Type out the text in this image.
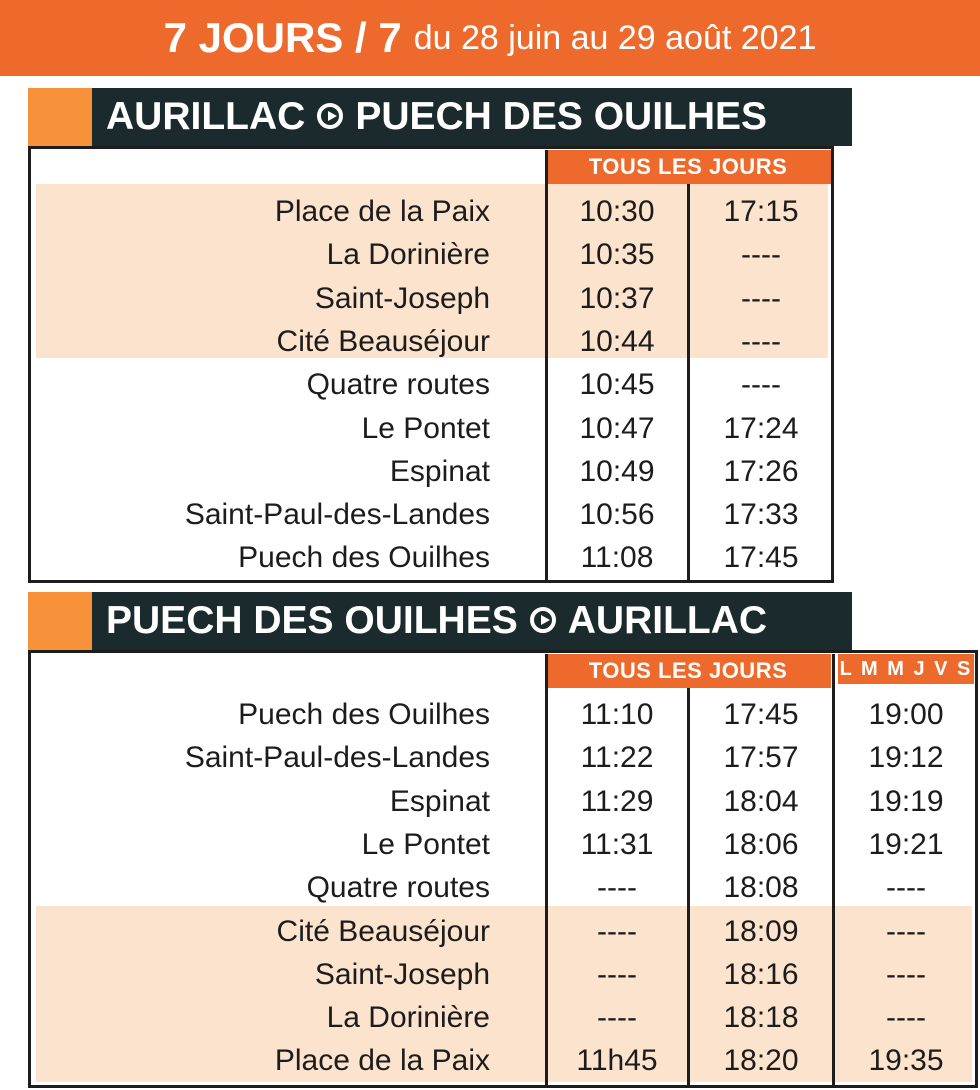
7 JOURS / 7 du 28 juin au 29 août 2021
AURILLAC PUECH DES OUILHES
TOUS LES JOURS
Place de la Paix	10:30	17:15
La Dorinière	10:35	----
Saint-Joseph	10:37	----
Cité Beauséjour	10:44	----
Quatre routes	10:45	----
Le Pontet	10:47	17:24
Espinat	10:49	17:26
Saint-Paul-des-Landes	10:56	17:33
Puech des Ouilhes	11:08	17:45
PUECH DES OUILHES AURILLAC
TOUS LES JOURS	L M M J V S
Puech des Ouilhes	11:10	17:45	19:00
Saint-Paul-des-Landes	11:22	17:57	19:12
Espinat	11:29	18:04	19:19
Le Pontet	11:31	18:06	19:21
Quatre routes	----	18:08	----
Cité Beauséjour	----	18:09	----
Saint-Joseph	----	18:16	----
La Dorinière	----	18:18	----
Place de la Paix	11h45	18:20	19:35
